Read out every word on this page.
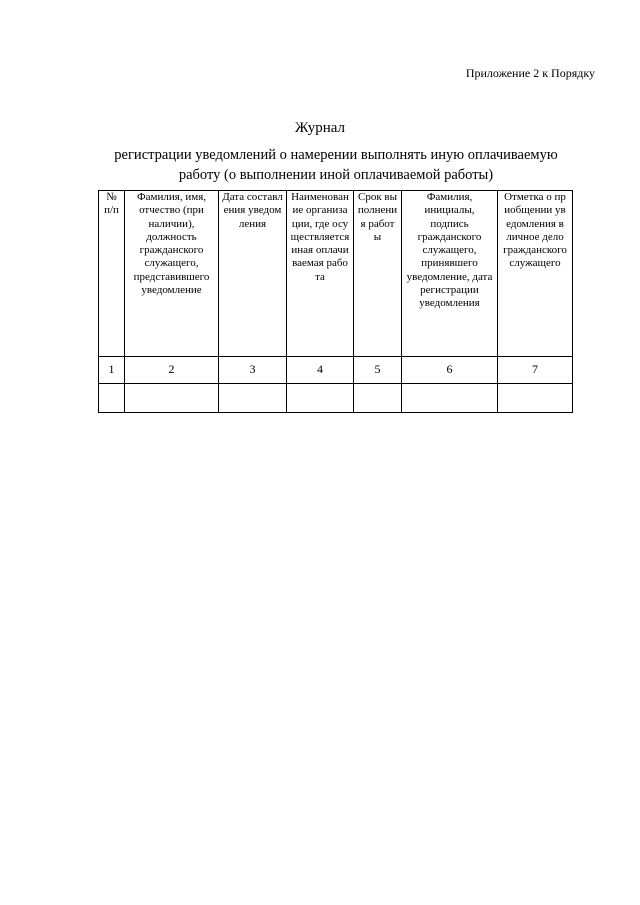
Приложение 2 к Порядку
Журнал
регистрации уведомлений о намерении выполнять иную оплачиваемую работу (о выполнении иной оплачиваемой работы)
№ п/п	Фамилия, имя, отчество (при наличии), должность гражданского служащего, представившего уведомление	Дата составления уведомления	Наименование организации, где осуществляется иная оплачиваемая работа	Срок выполнения работы	Фамилия, инициалы, подпись гражданского служащего, принявшего уведомление, дата регистрации уведомления	Отметка о приобщении уведомления в личное дело гражданского служащего

1	2	3	4	5	6	7
